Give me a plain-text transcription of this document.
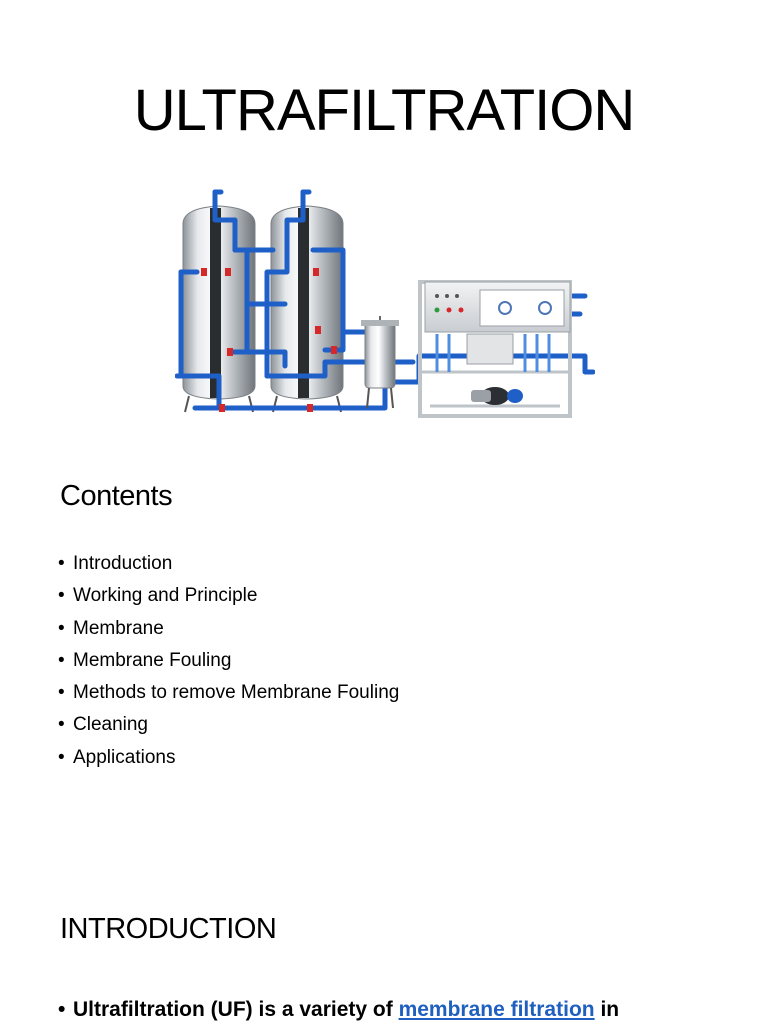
ULTRAFILTRATION
Contents
• Introduction
• Working and Principle
• Membrane
• Membrane Fouling
• Methods to remove Membrane Fouling
• Cleaning
• Applications
INTRODUCTION
• Ultrafiltration (UF) is a variety of membrane filtration in
